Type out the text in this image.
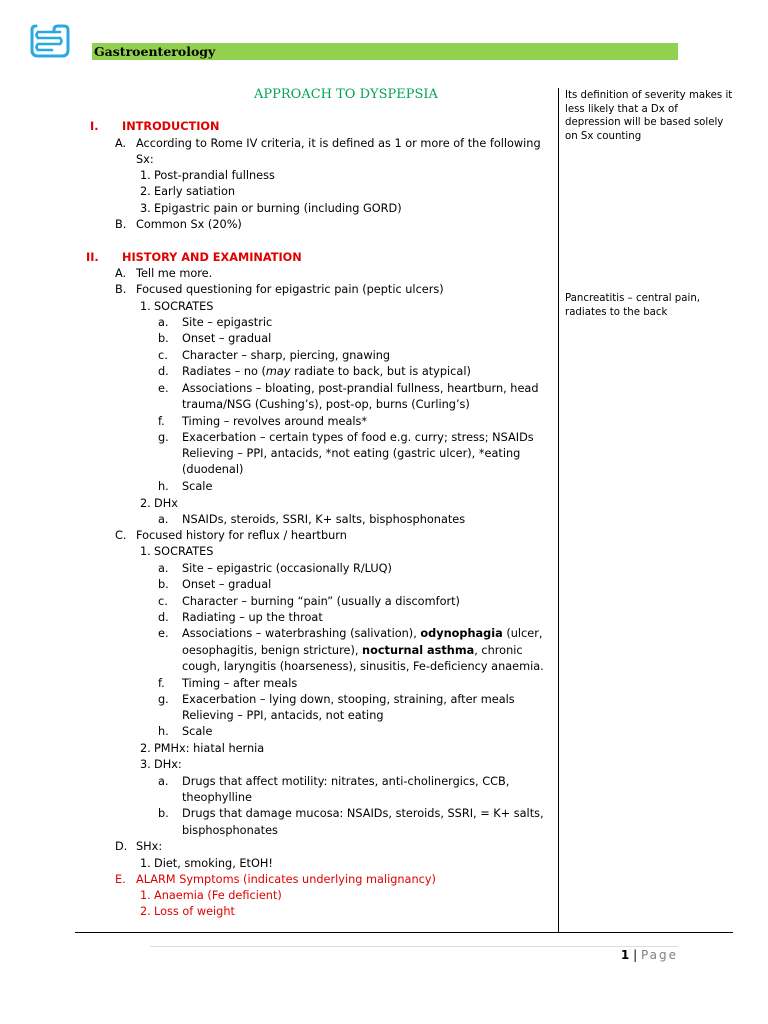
Gastroenterology
APPROACH TO DYSPEPSIA	Its definition of severity makes it less likely that a Dx of depression will be based solely on Sx counting
Pancreatitis – central pain, radiates to the back
I. INTRODUCTION
A. According to Rome IV criteria, it is defined as 1 or more of the following
Sx:
1. Post-prandial fullness
2. Early satiation
3. Epigastric pain or burning (including GORD)
B. Common Sx (20%)
II. HISTORY AND EXAMINATION
A. Tell me more.
B. Focused questioning for epigastric pain (peptic ulcers)
1. SOCRATES
a. Site – epigastric
b. Onset – gradual
c. Character – sharp, piercing, gnawing
d. Radiates – no (may radiate to back, but is atypical)
e. Associations – bloating, post-prandial fullness, heartburn, head
trauma/NSG (Cushing’s), post-op, burns (Curling’s)
f. Timing – revolves around meals*
g. Exacerbation – certain types of food e.g. curry; stress; NSAIDs
Relieving – PPI, antacids, *not eating (gastric ulcer), *eating
(duodenal)
h. Scale
2. DHx
a. NSAIDs, steroids, SSRI, K+ salts, bisphosphonates
C. Focused history for reflux / heartburn
1. SOCRATES
a. Site – epigastric (occasionally R/LUQ)
b. Onset – gradual
c. Character – burning “pain” (usually a discomfort)
d. Radiating – up the throat
e. Associations – waterbrashing (salivation), odynophagia (ulcer,
oesophagitis, benign stricture), nocturnal asthma, chronic
cough, laryngitis (hoarseness), sinusitis, Fe-deficiency anaemia.
f. Timing – after meals
g. Exacerbation – lying down, stooping, straining, after meals
Relieving – PPI, antacids, not eating
h. Scale
2. PMHx: hiatal hernia
3. DHx:
a. Drugs that affect motility: nitrates, anti-cholinergics, CCB,
theophylline
b. Drugs that damage mucosa: NSAIDs, steroids, SSRI, = K+ salts,
bisphosphonates
D. SHx:
1. Diet, smoking, EtOH!
E. ALARM Symptoms (indicates underlying malignancy)
1. Anaemia (Fe deficient)
2. Loss of weight
1 | Page
